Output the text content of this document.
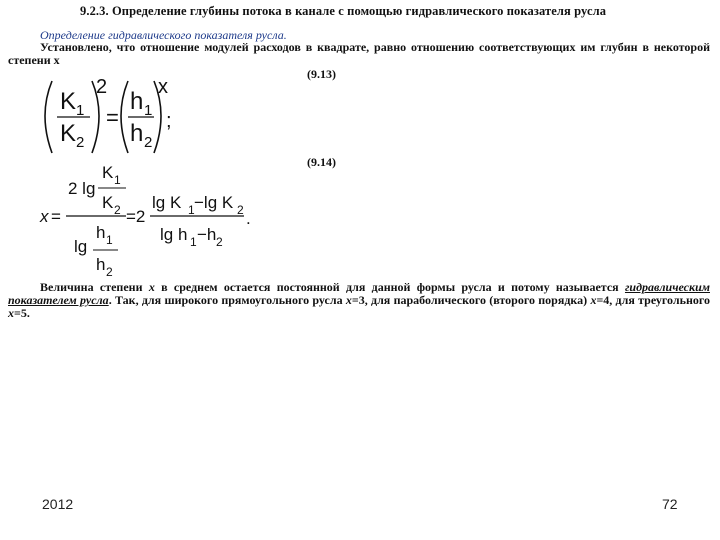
9.2.3. Определение глубины потока в канале с помощью гидравлического показателя русла
Определение гидравлического показателя русла.
Установлено, что отношение модулей расходов в квадрате, равно отношению соответствующих им глубин в некоторой степени x
(9.13)
K 1
K 2
2
=
h 1
h 2
x
;
(9.14)
x =
K 1
2 lg
K 2
h 1
lg
h 2
=2
lg K 1 −lg K 2
lg h 1 −h 2
.
Величина степени x в среднем остается постоянной для данной формы русла и потому называется гидравлическим показателем русла. Так, для широкого прямоугольного русла x=3, для параболического (второго порядка) x=4, для треугольного x=5.
2012	72
